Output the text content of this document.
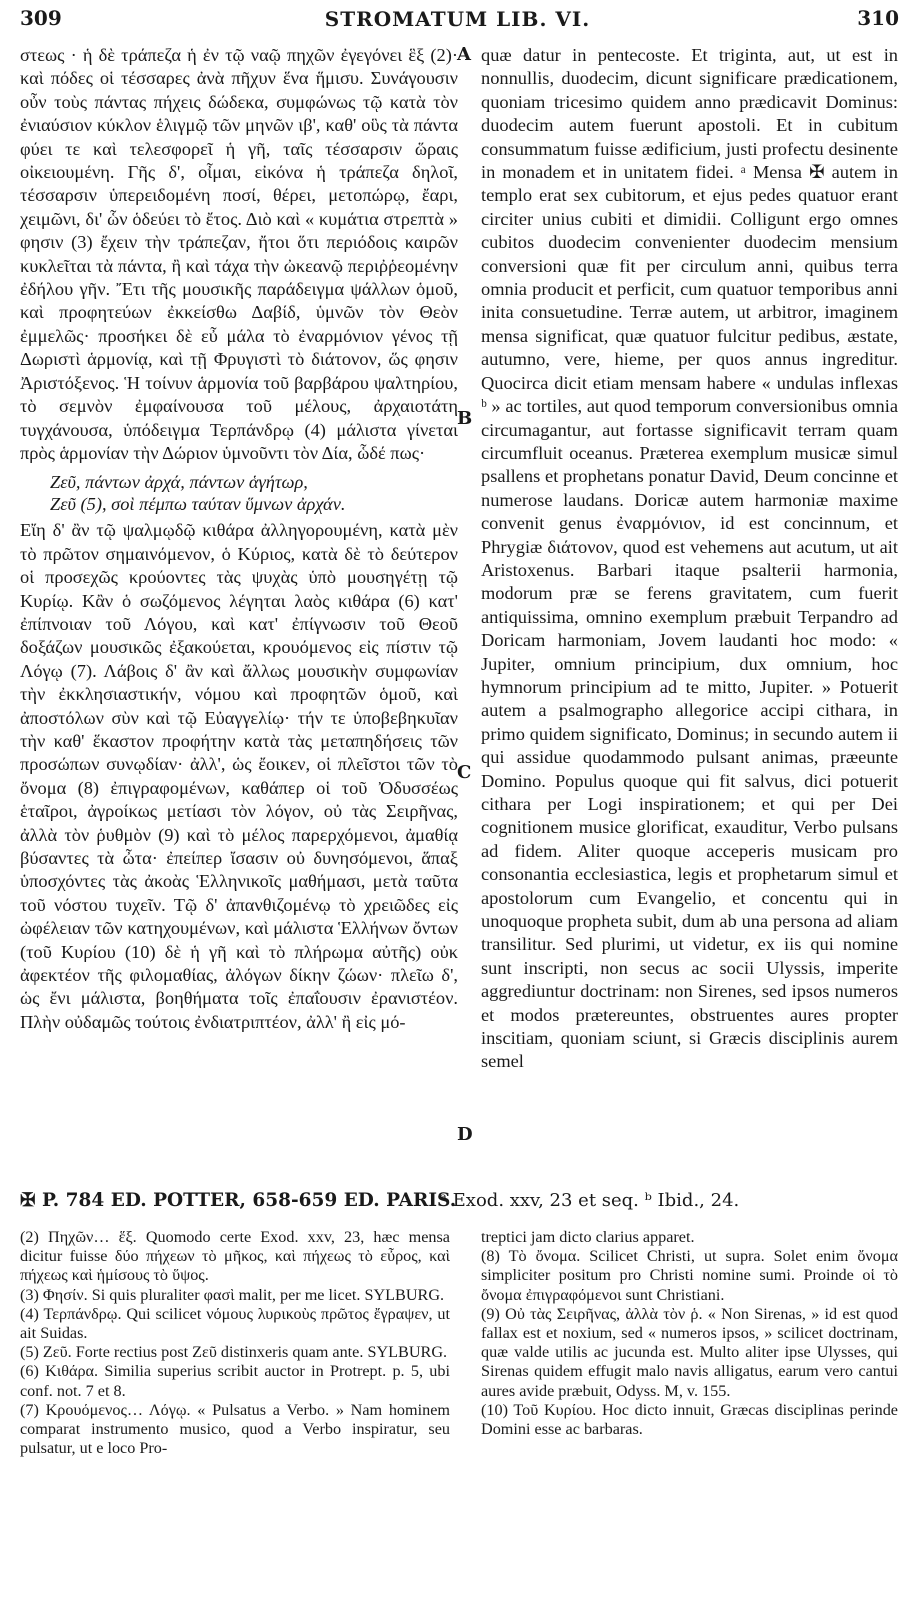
309	STROMATUM LIB. VI.	310

στεως · ἡ δὲ τράπεζα ἡ ἐν τῷ ναῷ πηχῶν ἐγεγόνει ἓξ (2)· καὶ πόδες οἱ τέσσαρες ἀνὰ πῆχυν ἕνα ἥμισυ. Συνάγουσιν οὖν τοὺς πάντας πήχεις δώδεκα, συμφώνως τῷ κατὰ τὸν ἐνιαύσιον κύκλον ἑλιγμῷ τῶν μηνῶν ιβ', καθ' οὓς τὰ πάντα φύει τε καὶ τελεσφορεῖ ἡ γῆ, ταῖς τέσσαρσιν ὥραις οἰκειουμένη. Γῆς δ', οἶμαι, εἰκόνα ἡ τράπεζα δηλοῖ, τέσσαρσιν ὑπερειδομένη ποσί, θέρει, μετοπώρῳ, ἔαρι, χειμῶνι, δι' ὧν ὁδεύει τὸ ἔτος. Διὸ καὶ « κυμάτια στρεπτὰ » φησιν (3) ἔχειν τὴν τράπεζαν, ἤτοι ὅτι περιόδοις καιρῶν κυκλεῖται τὰ πάντα, ἢ καὶ τάχα τὴν ὠκεανῷ περιῤῥεομένην ἐδήλου γῆν. Ἔτι τῆς μουσικῆς παράδειγμα ψάλλων ὁμοῦ, καὶ προφητεύων ἐκκείσθω Δαβίδ, ὑμνῶν τὸν Θεὸν ἐμμελῶς· προσήκει δὲ εὖ μάλα τὸ ἐναρμόνιον γένος τῇ Δωριστὶ ἁρμονίᾳ, καὶ τῇ Φρυγιστὶ τὸ διάτονον, ὥς φησιν Ἀριστόξενος. Ἡ τοίνυν ἁρμονία τοῦ βαρβάρου ψαλτηρίου, τὸ σεμνὸν ἐμφαίνουσα τοῦ μέλους, ἀρχαιοτάτη τυγχάνουσα, ὑπόδειγμα Τερπάνδρῳ (4) μάλιστα γίνεται πρὸς ἁρμονίαν τὴν Δώριον ὑμνοῦντι τὸν Δία, ὧδέ πως·

Ζεῦ, πάντων ἀρχά, πάντων ἁγήτωρ,
Ζεῦ (5), σοὶ πέμπω ταύταν ὕμνων ἀρχάν.

Εἴη δ' ἂν τῷ ψαλμῳδῷ κιθάρα ἀλληγορουμένη, κατὰ μὲν τὸ πρῶτον σημαινόμενον, ὁ Κύριος, κατὰ δὲ τὸ δεύτερον οἱ προσεχῶς κρούοντες τὰς ψυχὰς ὑπὸ μουσηγέτῃ τῷ Κυρίῳ. Κἂν ὁ σωζόμενος λέγηται λαὸς κιθάρα (6) κατ' ἐπίπνοιαν τοῦ Λόγου, καὶ κατ' ἐπίγνωσιν τοῦ Θεοῦ δοξάζων μουσικῶς ἐξακούεται, κρουόμενος εἰς πίστιν τῷ Λόγῳ (7). Λάβοις δ' ἂν καὶ ἄλλως μουσικὴν συμφωνίαν τὴν ἐκκλησιαστικήν, νόμου καὶ προφητῶν ὁμοῦ, καὶ ἀποστόλων σὺν καὶ τῷ Εὐαγγελίῳ· τήν τε ὑποβεβηκυῖαν τὴν καθ' ἕκαστον προφήτην κατὰ τὰς μεταπηδήσεις τῶν προσώπων συνῳδίαν· ἀλλ', ὡς ἔοικεν, οἱ πλεῖστοι τῶν τὸ ὄνομα (8) ἐπιγραφομένων, καθάπερ οἱ τοῦ Ὀδυσσέως ἑταῖροι, ἀγροίκως μετίασι τὸν λόγον, οὐ τὰς Σειρῆνας, ἀλλὰ τὸν ῥυθμὸν (9) καὶ τὸ μέλος παρερχόμενοι, ἀμαθίᾳ βύσαντες τὰ ὦτα· ἐπείπερ ἴσασιν οὐ δυνησόμενοι, ἅπαξ ὑποσχόντες τὰς ἀκοὰς Ἑλληνικοῖς μαθήμασι, μετὰ ταῦτα τοῦ νόστου τυχεῖν. Τῷ δ' ἀπανθιζομένῳ τὸ χρειῶδες εἰς ὠφέλειαν τῶν κατηχουμένων, καὶ μάλιστα Ἑλλήνων ὄντων (τοῦ Κυρίου (10) δὲ ἡ γῆ καὶ τὸ πλήρωμα αὐτῆς) οὐκ ἀφεκτέον τῆς φιλομαθίας, ἀλόγων δίκην ζώων· πλεῖω δ', ὡς ἔνι μάλιστα, βοηθήματα τοῖς ἐπαΐουσιν ἐρανιστέον. Πλὴν οὐδαμῶς τούτοις ἐνδιατριπτέον, ἀλλ' ἢ εἰς μό-

A
B
C
D

quæ datur in pentecoste. Et triginta, aut, ut est in nonnullis, duodecim, dicunt significare prædicationem, quoniam tricesimo quidem anno prædicavit Dominus: duodecim autem fuerunt apostoli. Et in cubitum consummatum fuisse ædificium, justi profectu desinente in monadem et in unitatem fidei. ᵃ Mensa ✠ autem in templo erat sex cubitorum, et ejus pedes quatuor erant circiter unius cubiti et dimidii. Colligunt ergo omnes cubitos duodecim convenienter duodecim mensium conversioni quæ fit per circulum anni, quibus terra omnia producit et perficit, cum quatuor temporibus anni inita consuetudine. Terræ autem, ut arbitror, imaginem mensa significat, quæ quatuor fulcitur pedibus, æstate, autumno, vere, hieme, per quos annus ingreditur. Quocirca dicit etiam mensam habere « undulas inflexas ᵇ » ac tortiles, aut quod temporum conversionibus omnia circumagantur, aut fortasse significavit terram quam circumfluit oceanus. Præterea exemplum musicæ simul psallens et prophetans ponatur David, Deum concinne et numerose laudans. Doricæ autem harmoniæ maxime convenit genus ἐναρμόνιον, id est concinnum, et Phrygiæ διάτονον, quod est vehemens aut acutum, ut ait Aristoxenus. Barbari itaque psalterii harmonia, modorum præ se ferens gravitatem, cum fuerit antiquissima, omnino exemplum præbuit Terpandro ad Doricam harmoniam, Jovem laudanti hoc modo: « Jupiter, omnium principium, dux omnium, hoc hymnorum principium ad te mitto, Jupiter. » Potuerit autem a psalmographo allegorice accipi cithara, in primo quidem significato, Dominus; in secundo autem ii qui assidue quodammodo pulsant animas, præeunte Domino. Populus quoque qui fit salvus, dici potuerit cithara per Logi inspirationem; et qui per Dei cognitionem musice glorificat, exauditur, Verbo pulsans ad fidem. Aliter quoque acceperis musicam pro consonantia ecclesiastica, legis et prophetarum simul et apostolorum cum Evangelio, et concentu qui in unoquoque propheta subit, dum ab una persona ad aliam transilitur. Sed plurimi, ut videtur, ex iis qui nomine sunt inscripti, non secus ac socii Ulyssis, imperite aggrediuntur doctrinam: non Sirenes, sed ipsos numeros et modos prætereuntes, obstruentes aures propter inscitiam, quoniam sciunt, si Græcis disciplinis aurem semel

✠ P. 784 ED. POTTER, 658-659 ED. PARIS.
ᵃ Exod. xxv, 23 et seq. ᵇ Ibid., 24.

(2) Πηχῶν… ἕξ. Quomodo certe Exod. xxv, 23, hæc mensa dicitur fuisse δύο πήχεων τὸ μῆκος, καὶ πήχεως τὸ εὖρος, καὶ πήχεως καὶ ἡμίσους τὸ ὕψος.

(3) Φησίν. Si quis pluraliter φασὶ malit, per me licet. SYLBURG.

(4) Τερπάνδρῳ. Qui scilicet νόμους λυρικοὺς πρῶτος ἔγραψεν, ut ait Suidas.

(5) Ζεῦ. Forte rectius post Ζεῦ distinxeris quam ante. SYLBURG.

(6) Κιθάρα. Similia superius scribit auctor in Protrept. p. 5, ubi conf. not. 7 et 8.

(7) Κρουόμενος… Λόγῳ. « Pulsatus a Verbo. » Nam hominem comparat instrumento musico, quod a Verbo inspiratur, seu pulsatur, ut e loco Pro-

treptici jam dicto clarius apparet.

(8) Τὸ ὄνομα. Scilicet Christi, ut supra. Solet enim ὄνομα simpliciter positum pro Christi nomine sumi. Proinde οἱ τὸ ὄνομα ἐπιγραφόμενοι sunt Christiani.

(9) Οὐ τὰς Σειρῆνας, ἀλλὰ τὸν ῥ. « Non Sirenas, » id est quod fallax est et noxium, sed « numeros ipsos, » scilicet doctrinam, quæ valde utilis ac jucunda est. Multo aliter ipse Ulysses, qui Sirenas quidem effugit malo navis alligatus, earum vero cantui aures avide præbuit, Odyss. M, v. 155.

(10) Τοῦ Κυρίου. Hoc dicto innuit, Græcas disciplinas perinde Domini esse ac barbaras.
